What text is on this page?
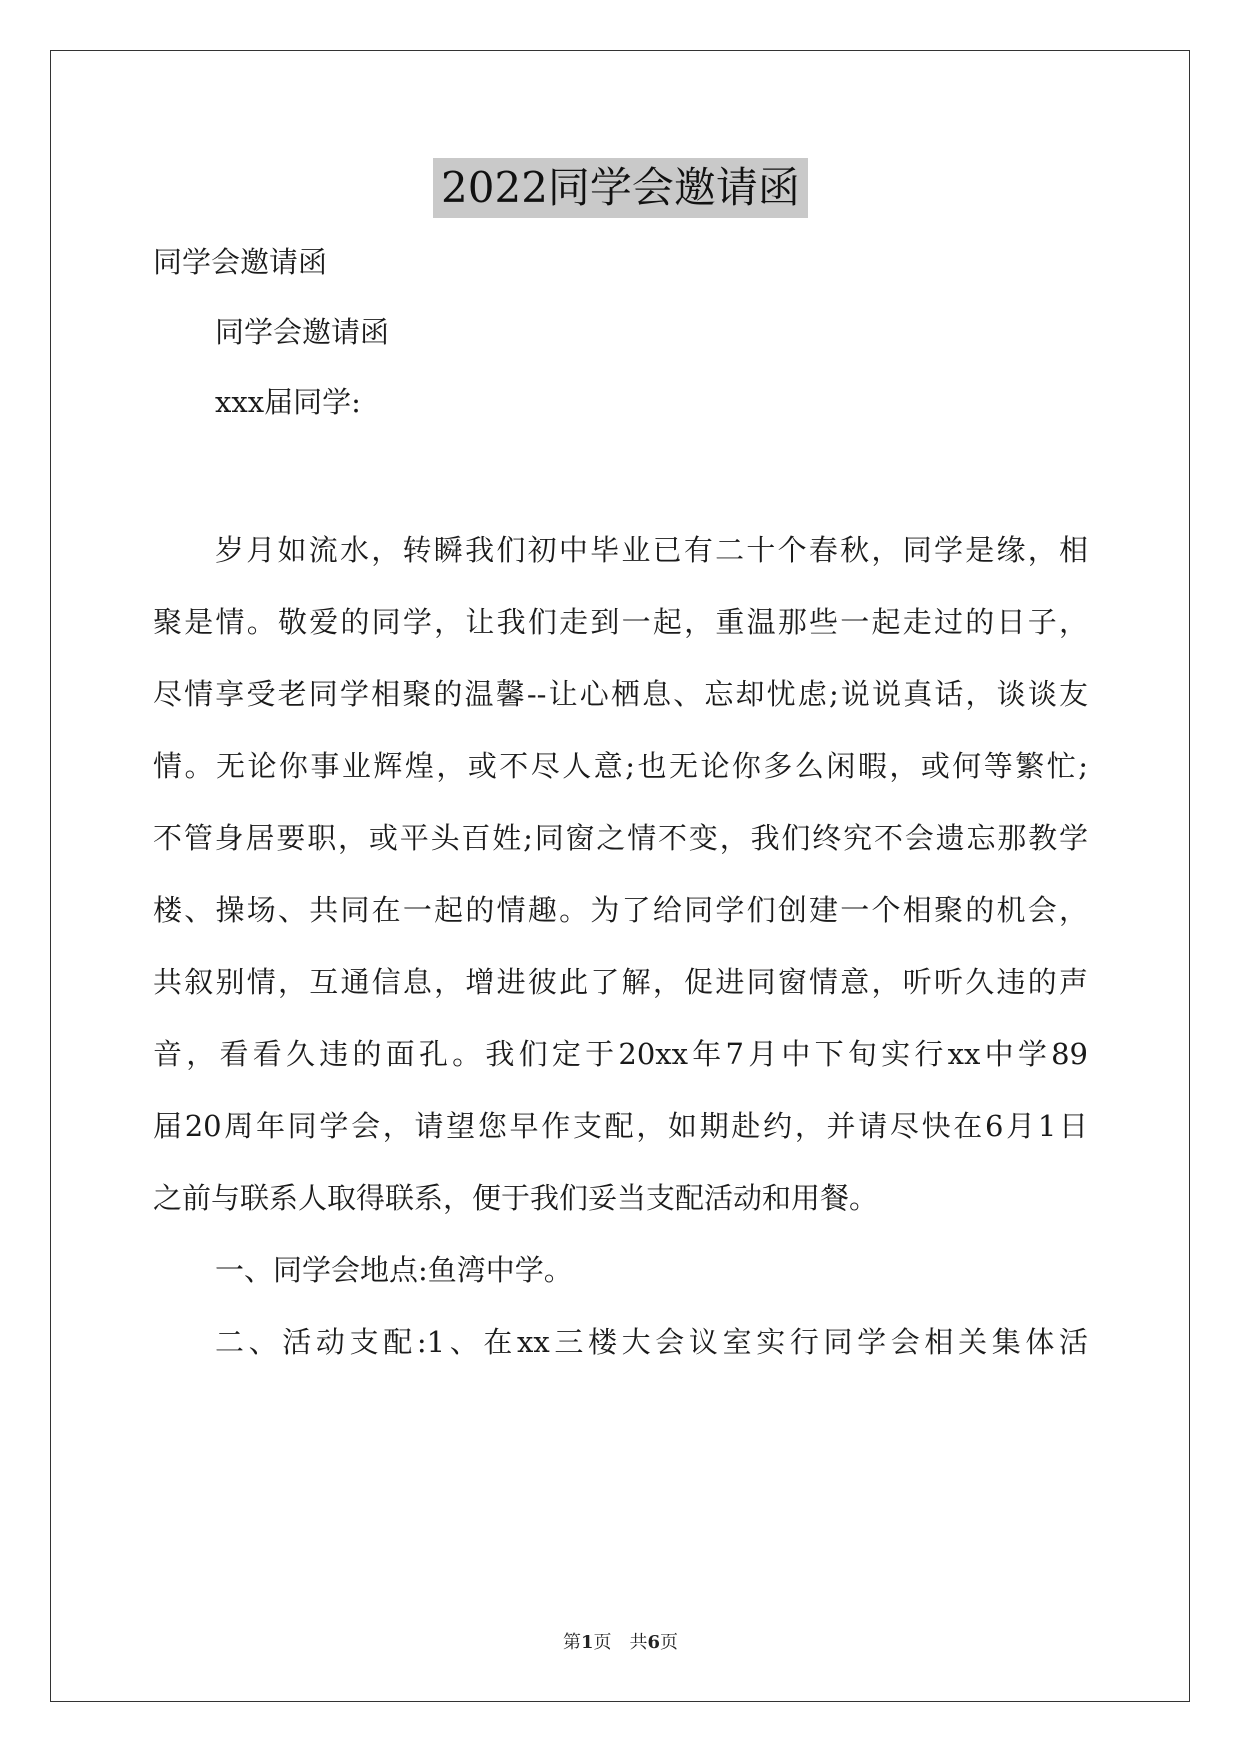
2022同学会邀请函
同学会邀请函
同学会邀请函
xxx届同学:
岁月如流水，转瞬我们初中毕业已有二十个春秋，同学是缘，相
聚是情。敬爱的同学，让我们走到一起，重温那些一起走过的日子，
尽情享受老同学相聚的温馨--让心栖息、忘却忧虑;说说真话，谈谈友
情。无论你事业辉煌，或不尽人意;也无论你多么闲暇，或何等繁忙;
不管身居要职，或平头百姓;同窗之情不变，我们终究不会遗忘那教学
楼、操场、共同在一起的情趣。为了给同学们创建一个相聚的机会，
共叙别情，互通信息，增进彼此了解，促进同窗情意，听听久违的声
音，看看久违的面孔。我们定于20xx年7月中下旬实行xx中学89
届20周年同学会，请望您早作支配，如期赴约，并请尽快在6月1日
之前与联系人取得联系，便于我们妥当支配活动和用餐。
一、同学会地点:鱼湾中学。
二、活动支配:1、在xx三楼大会议室实行同学会相关集体活
第1页　共6页
